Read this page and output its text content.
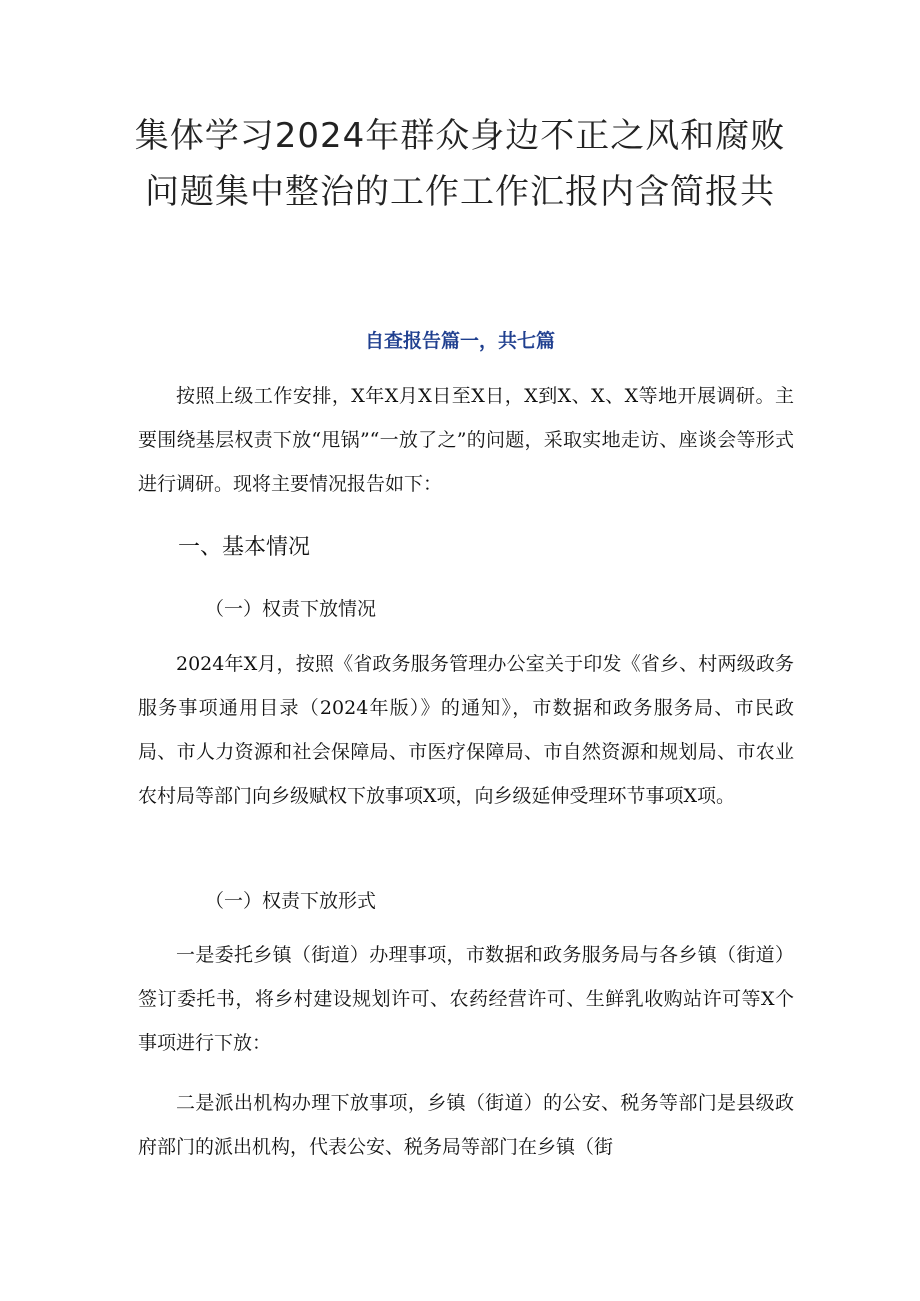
集体学习2024年群众身边不正之风和腐败
问题集中整治的工作工作汇报内含简报共

自查报告篇一，共七篇

按照上级工作安排，X年X月X日至X日，X到X、X、X等地开展调研。主要围绕基层权责下放“甩锅”“一放了之”的问题，采取实地走访、座谈会等形式进行调研。现将主要情况报告如下：

一、基本情况
（一）权责下放情况

2024年X月，按照《省政务服务管理办公室关于印发《省乡、村两级政务服务事项通用目录（2024年版）》的通知》，市数据和政务服务局、市民政局、市人力资源和社会保障局、市医疗保障局、市自然资源和规划局、市农业农村局等部门向乡级赋权下放事项X项，向乡级延伸受理环节事项X项。

（一）权责下放形式

一是委托乡镇（街道）办理事项，市数据和政务服务局与各乡镇（街道）签订委托书，将乡村建设规划许可、农药经营许可、生鲜乳收购站许可等X个事项进行下放：

二是派出机构办理下放事项，乡镇（街道）的公安、税务等部门是县级政府部门的派出机构，代表公安、税务局等部门在乡镇（街
